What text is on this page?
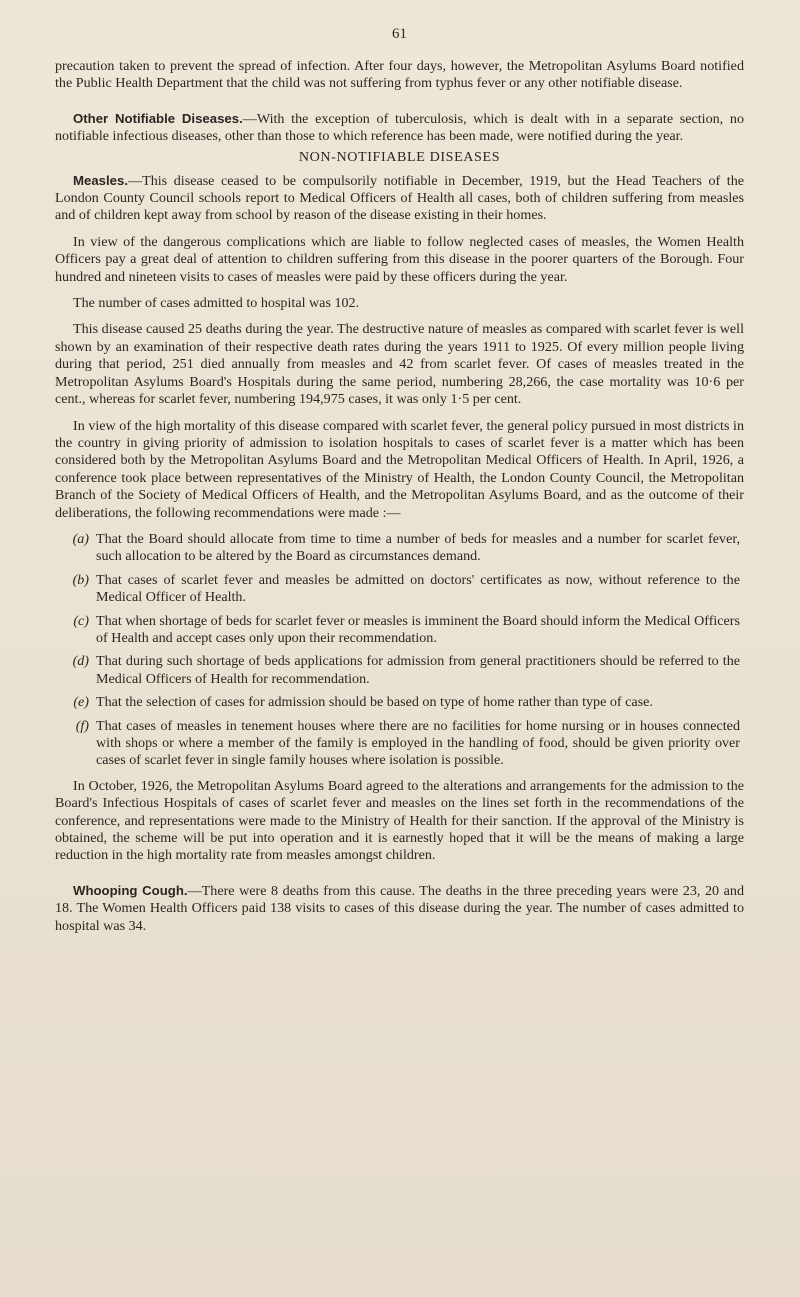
61

precaution taken to prevent the spread of infection. After four days, however, the Metropolitan Asylums Board notified the Public Health Department that the child was not suffering from typhus fever or any other notifiable disease.

Other Notifiable Diseases.—With the exception of tuberculosis, which is dealt with in a separate section, no notifiable infectious diseases, other than those to which reference has been made, were notified during the year.

NON-NOTIFIABLE DISEASES

Measles.—This disease ceased to be compulsorily notifiable in December, 1919, but the Head Teachers of the London County Council schools report to Medical Officers of Health all cases, both of children suffering from measles and of children kept away from school by reason of the disease existing in their homes.

In view of the dangerous complications which are liable to follow neglected cases of measles, the Women Health Officers pay a great deal of attention to children suffering from this disease in the poorer quarters of the Borough. Four hundred and nineteen visits to cases of measles were paid by these officers during the year.

The number of cases admitted to hospital was 102.

This disease caused 25 deaths during the year. The destructive nature of measles as compared with scarlet fever is well shown by an examination of their respective death rates during the years 1911 to 1925. Of every million people living during that period, 251 died annually from measles and 42 from scarlet fever. Of cases of measles treated in the Metropolitan Asylums Board's Hospitals during the same period, numbering 28,266, the case mortality was 10·6 per cent., whereas for scarlet fever, numbering 194,975 cases, it was only 1·5 per cent.

In view of the high mortality of this disease compared with scarlet fever, the general policy pursued in most districts in the country in giving priority of admission to isolation hospitals to cases of scarlet fever is a matter which has been considered both by the Metropolitan Asylums Board and the Metropolitan Medical Officers of Health. In April, 1926, a conference took place between representatives of the Ministry of Health, the London County Council, the Metropolitan Branch of the Society of Medical Officers of Health, and the Metropolitan Asylums Board, and as the outcome of their deliberations, the following recommendations were made :—

(a) That the Board should allocate from time to time a number of beds for measles and a number for scarlet fever, such allocation to be altered by the Board as circumstances demand.
(b) That cases of scarlet fever and measles be admitted on doctors' certificates as now, without reference to the Medical Officer of Health.
(c) That when shortage of beds for scarlet fever or measles is imminent the Board should inform the Medical Officers of Health and accept cases only upon their recommendation.
(d) That during such shortage of beds applications for admission from general practitioners should be referred to the Medical Officers of Health for recommendation.
(e) That the selection of cases for admission should be based on type of home rather than type of case.
(f) That cases of measles in tenement houses where there are no facilities for home nursing or in houses connected with shops or where a member of the family is employed in the handling of food, should be given priority over cases of scarlet fever in single family houses where isolation is possible.

In October, 1926, the Metropolitan Asylums Board agreed to the alterations and arrangements for the admission to the Board's Infectious Hospitals of cases of scarlet fever and measles on the lines set forth in the recommendations of the conference, and representations were made to the Ministry of Health for their sanction. If the approval of the Ministry is obtained, the scheme will be put into operation and it is earnestly hoped that it will be the means of making a large reduction in the high mortality rate from measles amongst children.

Whooping Cough.—There were 8 deaths from this cause. The deaths in the three preceding years were 23, 20 and 18. The Women Health Officers paid 138 visits to cases of this disease during the year. The number of cases admitted to hospital was 34.
